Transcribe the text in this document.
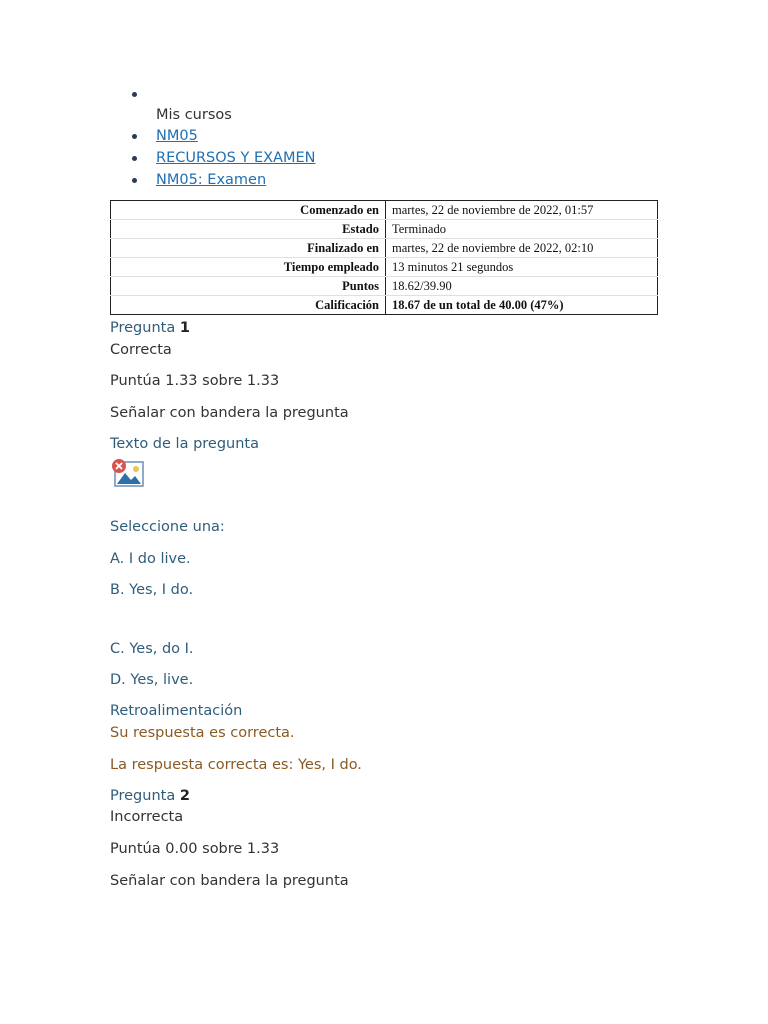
Mis cursos
NM05
RECURSOS Y EXAMEN
NM05: Examen
Comenzado en	martes, 22 de noviembre de 2022, 01:57
Estado	Terminado
Finalizado en	martes, 22 de noviembre de 2022, 02:10
Tiempo empleado	13 minutos 21 segundos
Puntos	18.62/39.90
Calificación	18.67 de un total de 40.00 (47%)
Pregunta 1
Correcta
Puntúa 1.33 sobre 1.33
Señalar con bandera la pregunta
Texto de la pregunta
Seleccione una:
A. I do live.
B. Yes, I do.
C. Yes, do I.
D. Yes, live.
Retroalimentación
Su respuesta es correcta.
La respuesta correcta es: Yes, I do.
Pregunta 2
Incorrecta
Puntúa 0.00 sobre 1.33
Señalar con bandera la pregunta
